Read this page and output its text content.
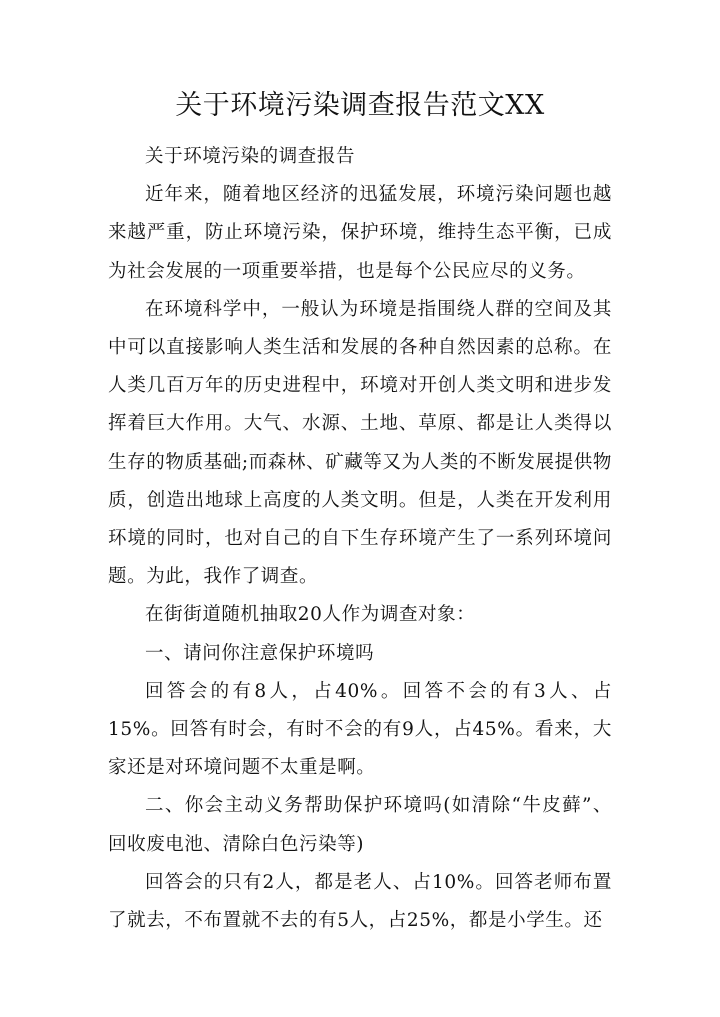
关于环境污染调查报告范文XX

关于环境污染的调查报告

近年来，随着地区经济的迅猛发展，环境污染问题也越来越严重，防止环境污染，保护环境，维持生态平衡，已成为社会发展的一项重要举措，也是每个公民应尽的义务。

在环境科学中，一般认为环境是指围绕人群的空间及其中可以直接影响人类生活和发展的各种自然因素的总称。在人类几百万年的历史进程中，环境对开创人类文明和进步发挥着巨大作用。大气、水源、土地、草原、都是让人类得以生存的物质基础;而森林、矿藏等又为人类的不断发展提供物质，创造出地球上高度的人类文明。但是，人类在开发利用环境的同时，也对自己的自下生存环境产生了一系列环境问题。为此，我作了调查。

在街街道随机抽取20人作为调查对象：

一、请问你注意保护环境吗

回答会的有8人，占40%。回答不会的有3人、占15%。回答有时会，有时不会的有9人，占45%。看来，大家还是对环境问题不太重是啊。

二、你会主动义务帮助保护环境吗(如清除“牛皮藓”、回收废电池、清除白色污染等)

回答会的只有2人，都是老人、占10%。回答老师布置了就去，不布置就不去的有5人，占25%，都是小学生。还
